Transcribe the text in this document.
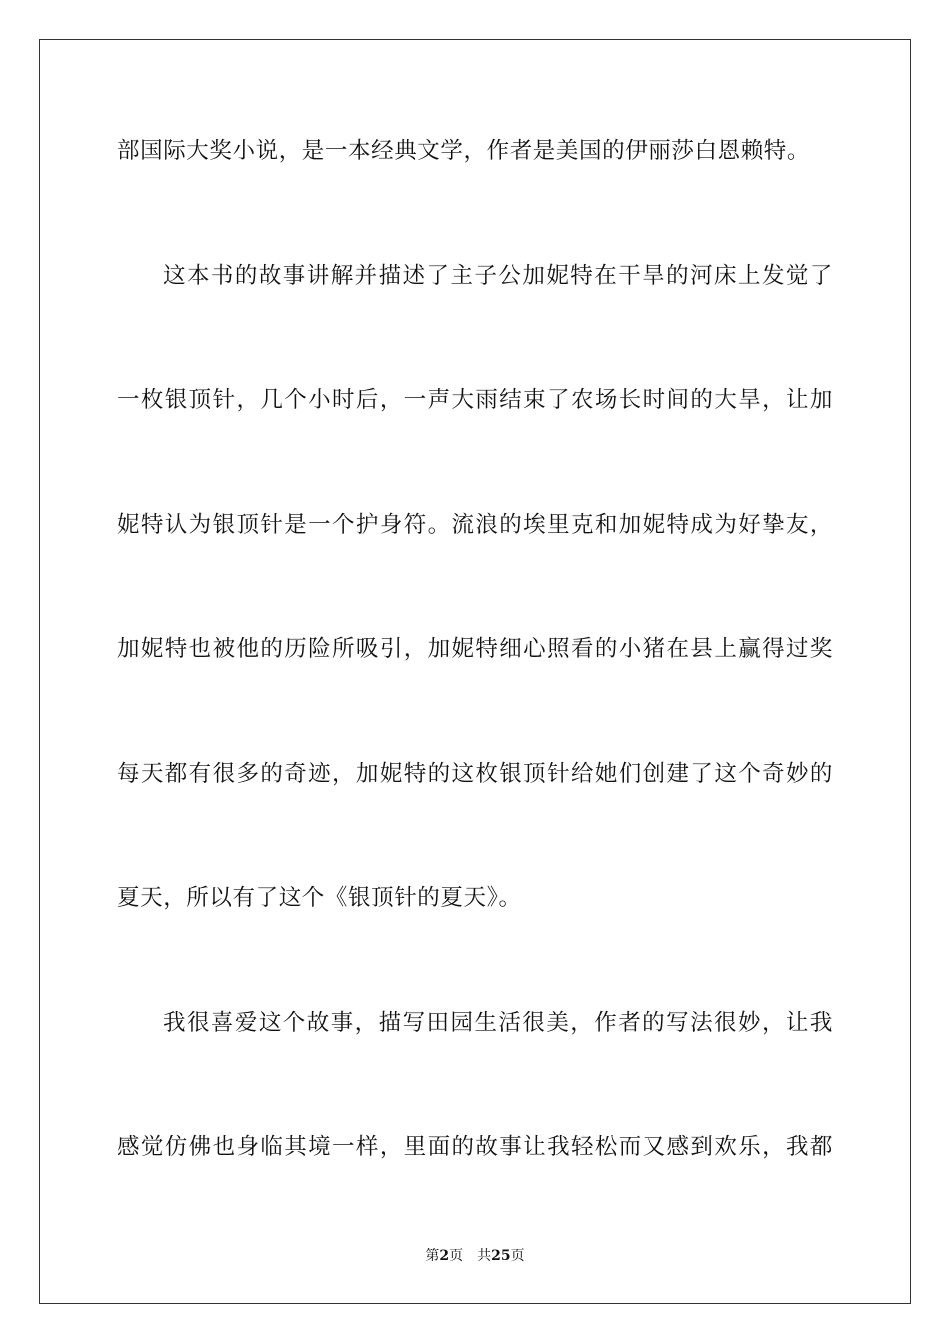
部国际大奖小说，是一本经典文学，作者是美国的伊丽莎白恩赖特。
这本书的故事讲解并描述了主子公加妮特在干旱的河床上发觉了
一枚银顶针，几个小时后，一声大雨结束了农场长时间的大旱，让加
妮特认为银顶针是一个护身符。流浪的埃里克和加妮特成为好挚友，
加妮特也被他的历险所吸引，加妮特细心照看的小猪在县上赢得过奖
每天都有很多的奇迹，加妮特的这枚银顶针给她们创建了这个奇妙的
夏天，所以有了这个《银顶针的夏天》。
我很喜爱这个故事，描写田园生活很美，作者的写法很妙，让我
感觉仿佛也身临其境一样，里面的故事让我轻松而又感到欢乐，我都
第2页 共25页
